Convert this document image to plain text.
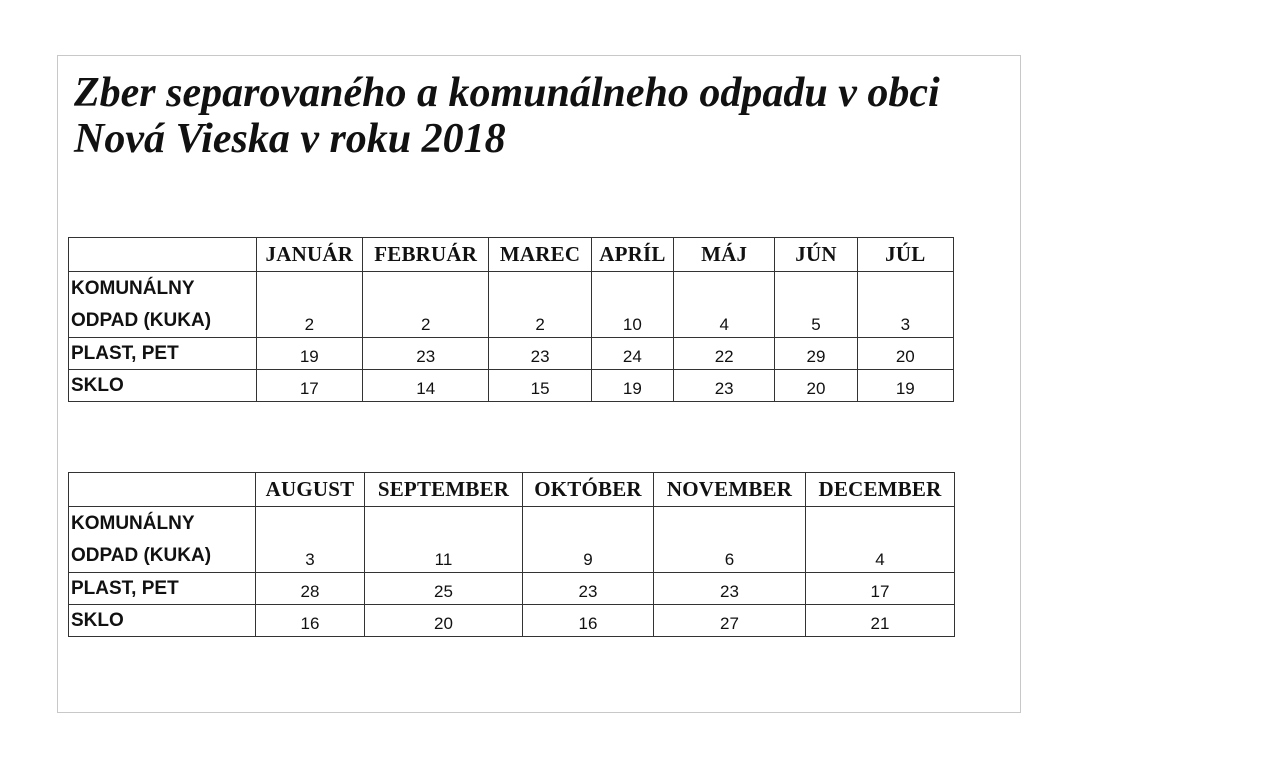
Zber separovaného a komunálneho odpadu v obci
Nová Vieska v roku 2018
	JANUÁR	FEBRUÁR	MAREC	APRÍL	MÁJ	JÚN	JÚL

KOMUNÁLNY
ODPAD (KUKA)	2	2	2	10	4	5	3
PLAST, PET	19	23	23	24	22	29	20
SKLO	17	14	15	19	23	20	19
	AUGUST	SEPTEMBER	OKTÓBER	NOVEMBER	DECEMBER

KOMUNÁLNY
ODPAD (KUKA)	3	11	9	6	4
PLAST, PET	28	25	23	23	17
SKLO	16	20	16	27	21
